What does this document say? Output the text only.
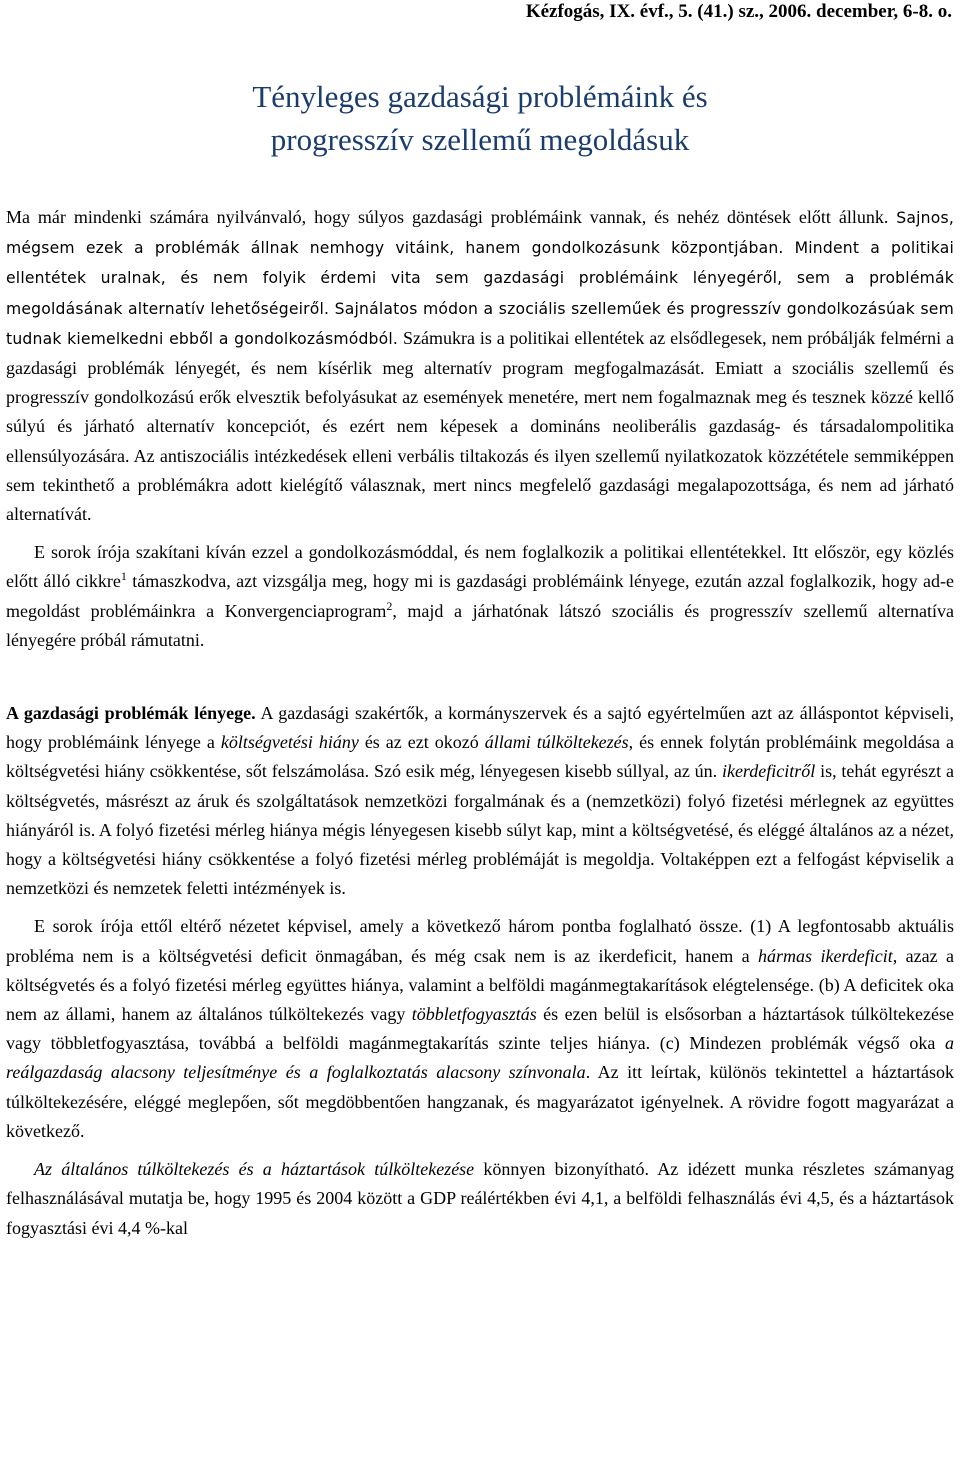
Kézfogás, IX. évf., 5. (41.) sz., 2006. december, 6-8. o.
Tényleges gazdasági problémáink és
progresszív szellemű megoldásuk

Ma már mindenki számára nyilvánvaló, hogy súlyos gazdasági problémáink vannak, és nehéz döntések előtt állunk. Sajnos, mégsem ezek a problémák állnak nemhogy vitáink, hanem gondolkozásunk központjában. Mindent a politikai ellentétek uralnak, és nem folyik érdemi vita sem gazdasági problémáink lényegéről, sem a problémák megoldásának alternatív lehetőségeiről. Sajnálatos módon a szociális szelleműek és progresszív gondolkozásúak sem tudnak kiemelkedni ebből a gondolkozásmódból. Számukra is a politikai ellentétek az elsődlegesek, nem próbálják felmérni a gazdasági problémák lényegét, és nem kísérlik meg alternatív program megfogalmazását. Emiatt a szociális szellemű és progresszív gondolkozású erők elvesztik befolyásukat az események menetére, mert nem fogalmaznak meg és tesznek közzé kellő súlyú és járható alternatív koncepciót, és ezért nem képesek a domináns neoliberális gazdaság- és társadalompolitika ellensúlyozására. Az antiszociális intézkedések elleni verbális tiltakozás és ilyen szellemű nyilatkozatok közzététele semmiképpen sem tekinthető a problémákra adott kielégítő válasznak, mert nincs megfelelő gazdasági megalapozottsága, és nem ad járható alternatívát.

E sorok írója szakítani kíván ezzel a gondolkozásmóddal, és nem foglalkozik a politikai ellentétekkel. Itt először, egy közlés előtt álló cikkre$^1$ támaszkodva, azt vizsgálja meg, hogy mi is gazdasági problémáink lényege, ezután azzal foglalkozik, hogy ad-e megoldást problémáinkra a Konvergenciaprogram$^2$, majd a járhatónak látszó szociális és progresszív szellemű alternatíva lényegére próbál rámutatni.

A gazdasági problémák lényege. A gazdasági szakértők, a kormányszervek és a sajtó egyértelműen azt az álláspontot képviseli, hogy problémáink lényege a költségvetési hiány és az ezt okozó állami túlköltekezés, és ennek folytán problémáink megoldása a költségvetési hiány csökkentése, sőt felszámolása. Szó esik még, lényegesen kisebb súllyal, az ún. ikerdeficitről is, tehát egyrészt a költségvetés, másrészt az áruk és szolgáltatások nemzetközi forgalmának és a (nemzetközi) folyó fizetési mérlegnek az együttes hiányáról is. A folyó fizetési mérleg hiánya mégis lényegesen kisebb súlyt kap, mint a költségvetésé, és eléggé általános az a nézet, hogy a költségvetési hiány csökkentése a folyó fizetési mérleg problémáját is megoldja. Voltaképpen ezt a felfogást képviselik a nemzetközi és nemzetek feletti intézmények is.

E sorok írója ettől eltérő nézetet képvisel, amely a következő három pontba foglalható össze. (1) A legfontosabb aktuális probléma nem is a költségvetési deficit önmagában, és még csak nem is az ikerdeficit, hanem a hármas ikerdeficit, azaz a költségvetés és a folyó fizetési mérleg együttes hiánya, valamint a belföldi magánmegtakarítások elégtelensége. (b) A deficitek oka nem az állami, hanem az általános túlköltekezés vagy többletfogyasztás és ezen belül is elsősorban a háztartások túlköltekezése vagy többletfogyasztása, továbbá a belföldi magánmegtakarítás szinte teljes hiánya. (c) Mindezen problémák végső oka a reálgazdaság alacsony teljesítménye és a foglalkoztatás alacsony színvonala. Az itt leírtak, különös tekintettel a háztartások túlköltekezésére, eléggé meglepően, sőt megdöbbentően hangzanak, és magyarázatot igényelnek. A rövidre fogott magyarázat a következő.

Az általános túlköltekezés és a háztartások túlköltekezése könnyen bizonyítható. Az idézett munka részletes számanyag felhasználásával mutatja be, hogy 1995 és 2004 között a GDP reálértékben évi 4,1, a belföldi felhasználás évi 4,5, és a háztartások fogyasztási évi 4,4 %-kal
